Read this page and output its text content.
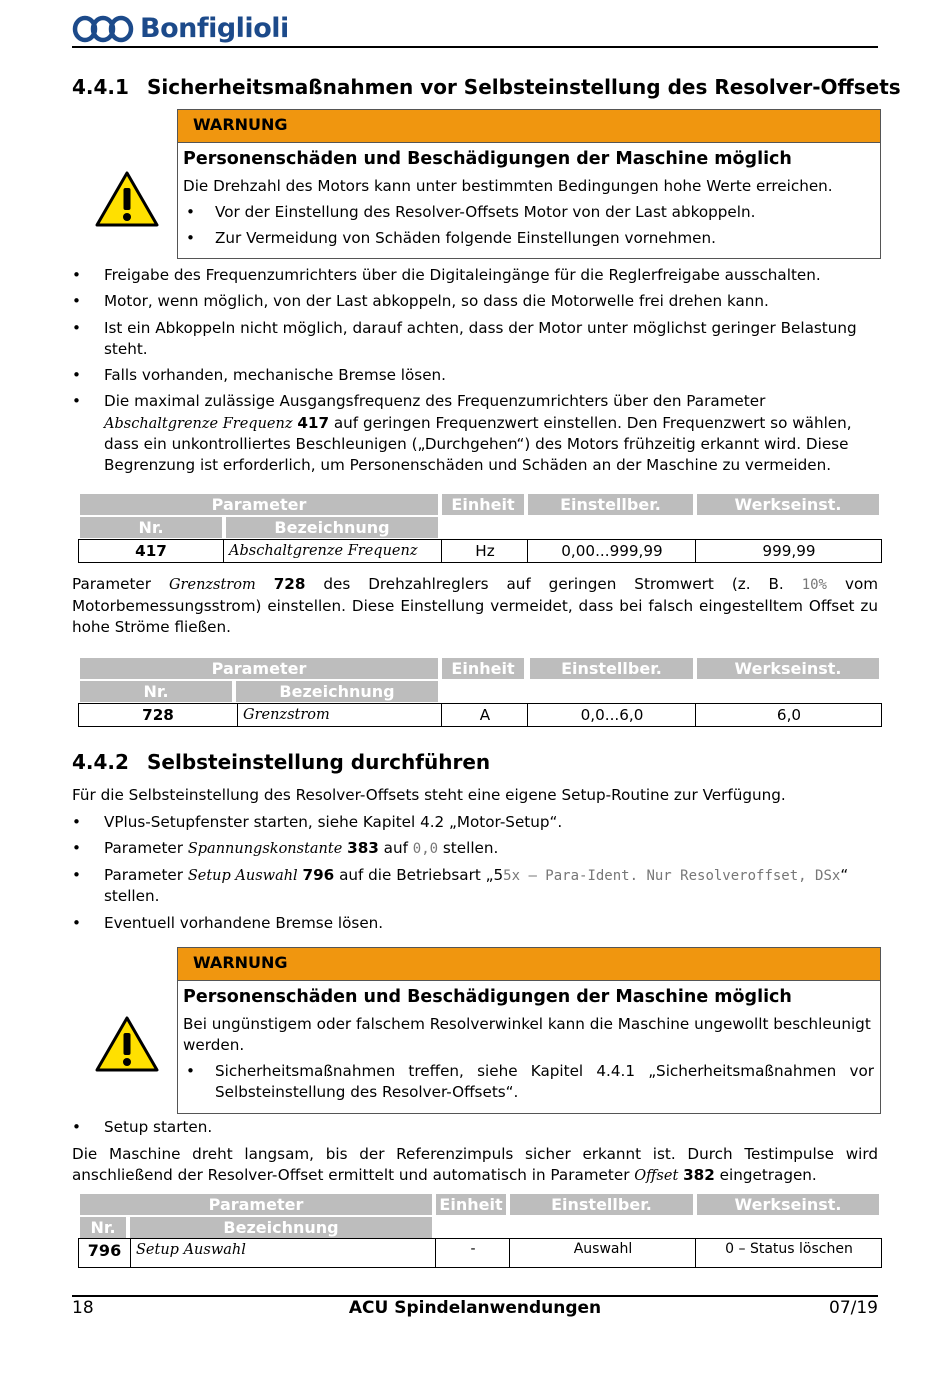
Bonfiglioli
4.4.1 Sicherheitsmaßnahmen vor Selbsteinstellung des Resolver-Offsets
WARNUNG
Personenschäden und Beschädigungen der Maschine möglich

Die Drehzahl des Motors kann unter bestimmten Bedingungen hohe Werte erreichen.

• Vor der Einstellung des Resolver-Offsets Motor von der Last abkoppeln.
• Zur Vermeidung von Schäden folgende Einstellungen vornehmen.
• Freigabe des Frequenzumrichters über die Digitaleingänge für die Reglerfreigabe ausschalten.
• Motor, wenn möglich, von der Last abkoppeln, so dass die Motorwelle frei drehen kann.
• Ist ein Abkoppeln nicht möglich, darauf achten, dass der Motor unter möglichst geringer Belastung steht.
• Falls vorhanden, mechanische Bremse lösen.
• Die maximal zulässige Ausgangsfrequenz des Frequenzumrichters über den Parameter Abschaltgrenze Frequenz 417 auf geringen Frequenzwert einstellen. Den Frequenzwert so wählen, dass ein unkontrolliertes Beschleunigen („Durchgehen“) des Motors frühzeitig erkannt wird. Diese Begrenzung ist erforderlich, um Personenschäden und Schäden an der Maschine zu vermeiden.
Parameter	Einheit	Einstellber.	Werkseinst.
Nr.	Bezeichnung
417	Abschaltgrenze Frequenz	Hz	0,00...999,99	999,99

Parameter Grenzstrom 728 des Drehzahlreglers auf geringen Stromwert (z. B. 10% vom Motorbemessungsstrom) einstellen. Diese Einstellung vermeidet, dass bei falsch eingestelltem Offset zu hohe Ströme fließen.

Parameter	Einheit	Einstellber.	Werkseinst.
Nr.	Bezeichnung
728	Grenzstrom	A	0,0...6,0	6,0
4.4.2 Selbsteinstellung durchführen

Für die Selbsteinstellung des Resolver-Offsets steht eine eigene Setup-Routine zur Verfügung.

• VPlus-Setupfenster starten, siehe Kapitel 4.2 „Motor-Setup“.
• Parameter Spannungskonstante 383 auf 0,0 stellen.
• Parameter Setup Auswahl 796 auf die Betriebsart „55x – Para-Ident. Nur Resolveroffset, DSx“ stellen.
• Eventuell vorhandene Bremse lösen.
WARNUNG
Personenschäden und Beschädigungen der Maschine möglich

Bei ungünstigem oder falschem Resolverwinkel kann die Maschine ungewollt beschleunigt werden.

• Sicherheitsmaßnahmen treffen, siehe Kapitel 4.4.1 „Sicherheitsmaßnahmen vor Selbsteinstellung des Resolver-Offsets“.
• Setup starten.

Die Maschine dreht langsam, bis der Referenzimpuls sicher erkannt ist. Durch Testimpulse wird anschließend der Resolver-Offset ermittelt und automatisch in Parameter Offset 382 eingetragen.

Parameter	Einheit	Einstellber.	Werkseinst.
Nr.	Bezeichnung
796	Setup Auswahl	-	Auswahl	0 – Status löschen
18	ACU Spindelanwendungen	07/19
